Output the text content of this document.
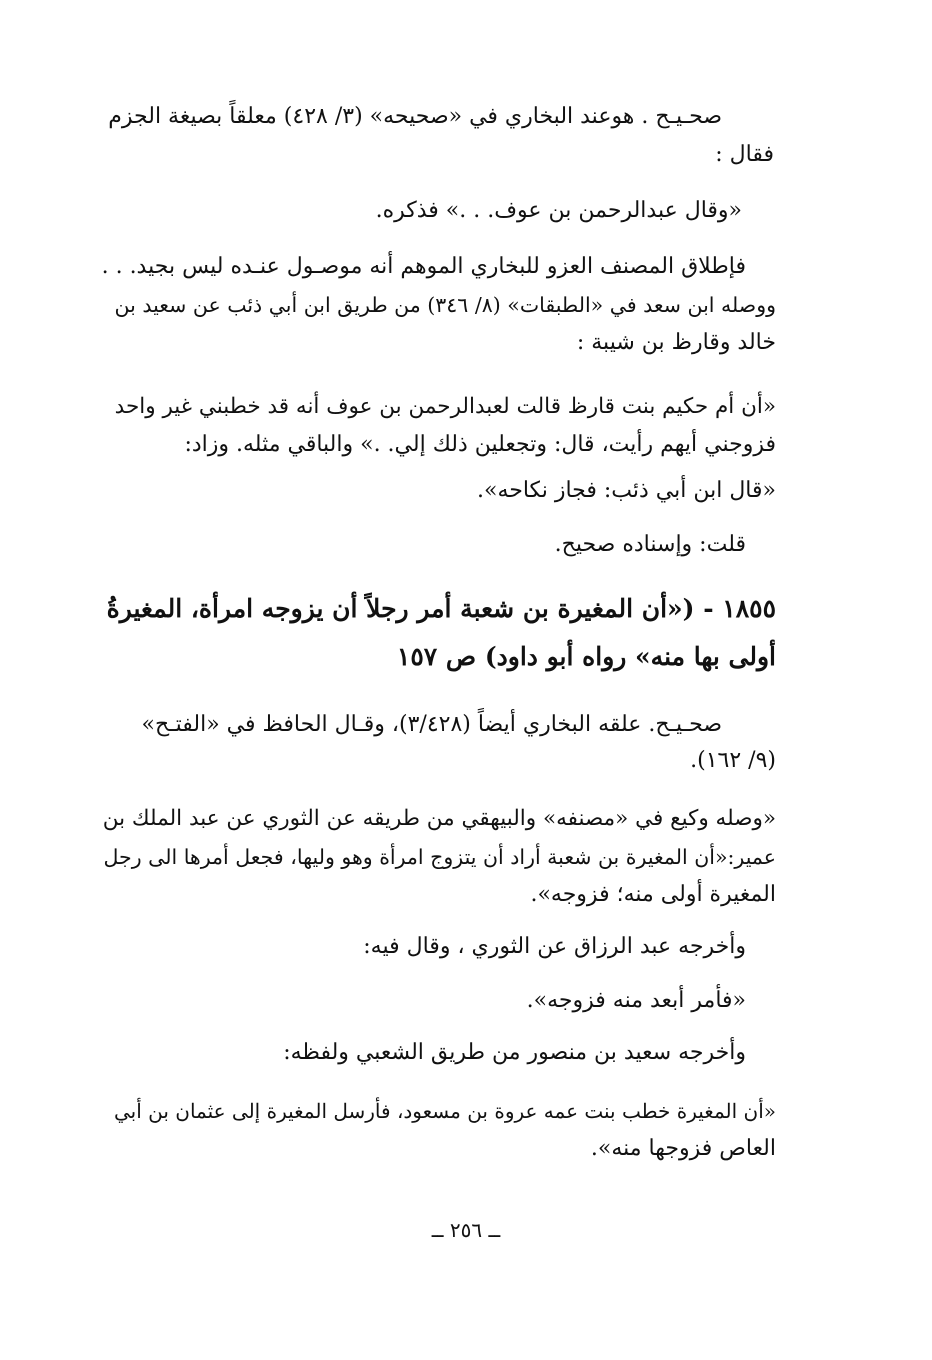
صحـيـح . هوعند البخاري في «صحيحه» (٣/ ٤٢٨) معلقاً بصيغة الجزم
فقال :
«وقال عبدالرحمن بن عوف. . .» فذكره.
فإطلاق المصنف العزو للبخاري الموهم أنه موصـول عنـده ليس بجيد. . .
ووصله ابن سعد في «الطبقات» (٨/ ٣٤٦) من طريق ابن أبي ذئب عن سعيد بن
خالد وقارظ بن شيبة :
«أن أم حكيم بنت قارظ قالت لعبدالرحمن بن عوف أنه قد خطبني غير واحد
فزوجني أيهم رأيت، قال: وتجعلين ذلك إلي. .» والباقي مثله. وزاد:
«قال ابن أبي ذئب: فجاز نكاحه».
قلت: وإسناده صحيح.
١٨٥٥ - («أن المغيرة بن شعبة أمر رجلاً أن يزوجه امرأة، المغيرةُ
أولى بها منه» رواه أبو داود) ص ١٥٧
صحـيـح. علقه البخاري أيضاً (٣/٤٢٨)، وقـال الحافظ في «الفتـح»
(٩/ ١٦٢).
«وصله وكيع في «مصنفه» والبيهقي من طريقه عن الثوري عن عبد الملك بن
عمير:«أن المغيرة بن شعبة أراد أن يتزوج امرأة وهو وليها، فجعل أمرها الى رجل
المغيرة أولى منه؛ فزوجه».
وأخرجه عبد الرزاق عن الثوري ، وقال فيه:
«فأمر أبعد منه فزوجه».
وأخرجه سعيد بن منصور من طريق الشعبي ولفظه:
«أن المغيرة خطب بنت عمه عروة بن مسعود، فأرسل المغيرة إلى عثمان بن أبي
العاص فزوجها منه».
ــ ٢٥٦ ــ
